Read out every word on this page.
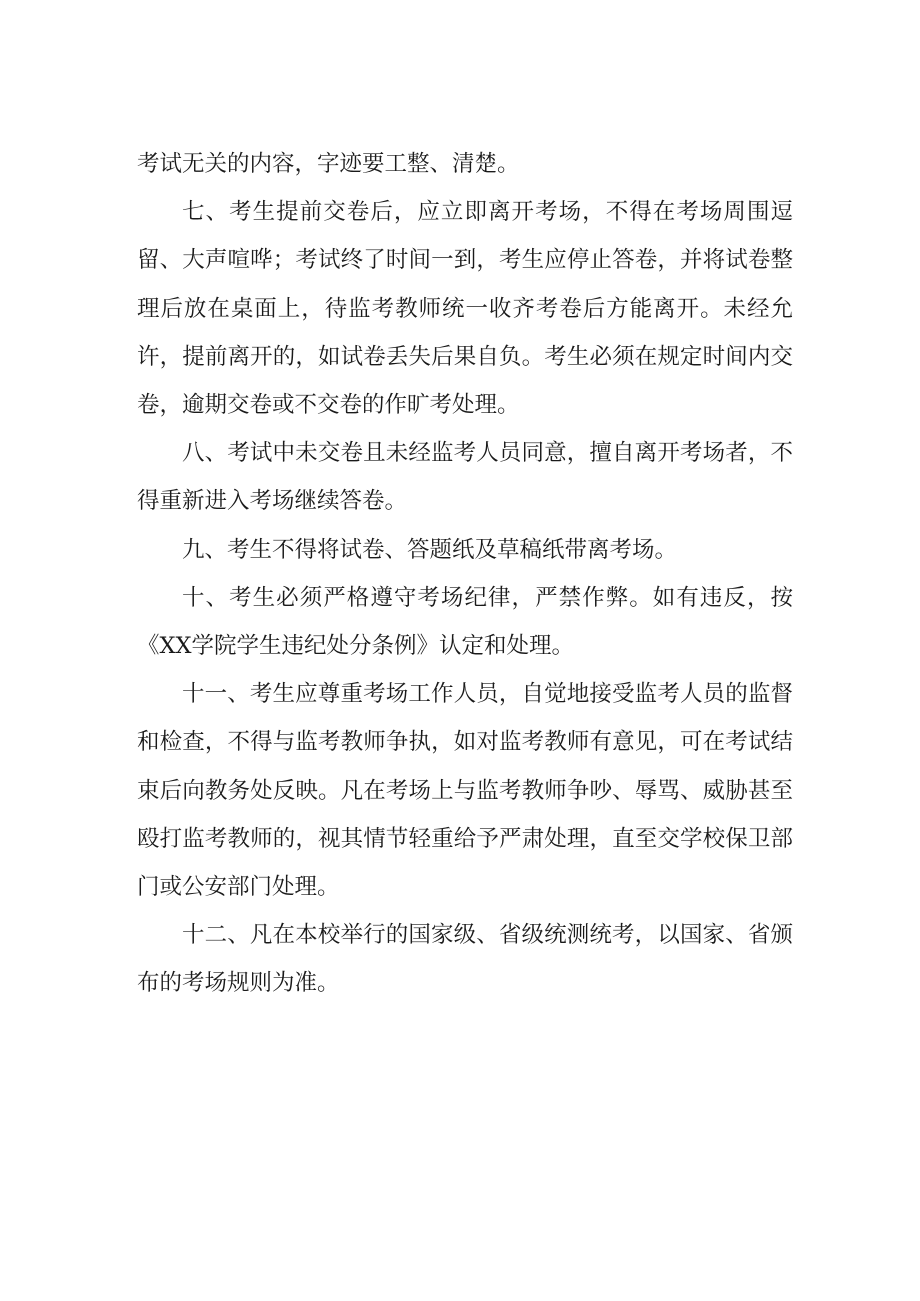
考试无关的内容，字迹要工整、清楚。

七、考生提前交卷后，应立即离开考场，不得在考场周围逗留、大声喧哗；考试终了时间一到，考生应停止答卷，并将试卷整理后放在桌面上，待监考教师统一收齐考卷后方能离开。未经允许，提前离开的，如试卷丢失后果自负。考生必须在规定时间内交卷，逾期交卷或不交卷的作旷考处理。

八、考试中未交卷且未经监考人员同意，擅自离开考场者，不得重新进入考场继续答卷。

九、考生不得将试卷、答题纸及草稿纸带离考场。

十、考生必须严格遵守考场纪律，严禁作弊。如有违反，按《XX学院学生违纪处分条例》认定和处理。

十一、考生应尊重考场工作人员，自觉地接受监考人员的监督和检查，不得与监考教师争执，如对监考教师有意见，可在考试结束后向教务处反映。凡在考场上与监考教师争吵、辱骂、威胁甚至殴打监考教师的，视其情节轻重给予严肃处理，直至交学校保卫部门或公安部门处理。

十二、凡在本校举行的国家级、省级统测统考，以国家、省颁布的考场规则为准。
